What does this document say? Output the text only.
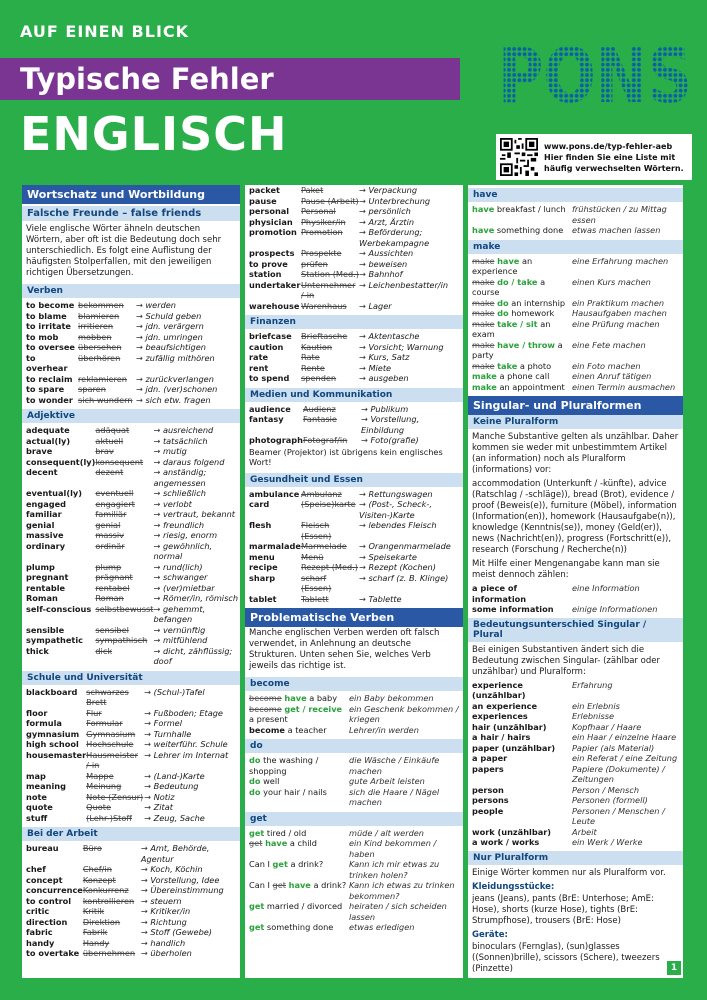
AUF EINEN BLICK
Typische Fehler
ENGLISCH	www.pons.de/typ-fehler-aeb
Hier finden Sie eine Liste mit
häufig verwechselten Wörtern.
Wortschatz und Wortbildung
Falsche Freunde – false friends
Viele englische Wörter ähneln deutschen Wörtern, aber oft ist die Bedeutung doch sehr unterschiedlich. Es folgt eine Auflistung der häufigsten Stolperfallen, mit den jeweiligen richtigen Übersetzungen.
Verben
to become	bekommen	→ werden
to blame	blamieren	→ Schuld geben
to irritate	irritieren	→ jdn. verärgern
to mob	mobben	→ jdn. umringen
to oversee	übersehen	→ beaufsichtigen
to overhear	überhören	→ zufällig mithören
to reclaim	reklamieren	→ zurückverlangen
to spare	sparen	→ jdn. (ver)schonen
to wonder	sich wundern	→ sich etw. fragen
Adjektive
adequate	adäquat	→ ausreichend
actual(ly)	aktuell	→ tatsächlich
brave	brav	→ mutig
consequent(ly)	konsequent	→ daraus folgend
decent	dezent	→ anständig; angemessen
eventual(ly)	eventuell	→ schließlich
engaged	engagiert	→ verlobt
familiar	familiär	→ vertraut, bekannt
genial	genial	→ freundlich
massive	massiv	→ riesig, enorm
ordinary	ordinär	→ gewöhnlich, normal
plump	plump	→ rund(lich)
pregnant	prägnant	→ schwanger
rentable	rentabel	→ (ver)mietbar
Roman	Roman	→ Römer/in, römisch
self-conscious	selbstbewusst	→ gehemmt, befangen
sensible	sensibel	→ vernünftig
sympathetic	sympathisch	→ mitfühlend
thick	dick	→ dicht, zähflüssig; doof
Schule und Universität
blackboard	schwarzes Brett	→ (Schul-)Tafel
floor	Flur	→ Fußboden; Etage
formula	Formular	→ Formel
gymnasium	Gymnasium	→ Turnhalle
high school	Hochschule	→ weiterführ. Schule
housemaster	Hausmeister /-in	→ Lehrer im Internat
map	Mappe	→ (Land-)Karte
meaning	Meinung	→ Bedeutung
note	Note (Zensur)	→ Notiz
quote	Quote	→ Zitat
stuff	(Lehr-)Stoff	→ Zeug, Sache
Bei der Arbeit
bureau	Büro	→ Amt, Behörde, Agentur
chef	Chef/in	→ Koch, Köchin
concept	Konzept	→ Vorstellung, Idee
concurrence	Konkurrenz	→ Übereinstimmung
to control	kontrollieren	→ steuern
critic	Kritik	→ Kritiker/in
direction	Direktion	→ Richtung
fabric	Fabrik	→ Stoff (Gewebe)
handy	Handy	→ handlich
to overtake	übernehmen	→ überholen
packet	Paket	→ Verpackung
pause	Pause (Arbeit)	→ Unterbrechung
personal	Personal	→ persönlich
physician	Physiker/in	→ Arzt, Ärztin
promotion	Promotion	→ Beförderung; Werbekampagne
prospects	Prospekte	→ Aussichten
to prove	prüfen	→ beweisen
station	Station (Med.)	→ Bahnhof
undertaker	Unternehmer /-in	→ Leichenbestatter/in
warehouse	Warenhaus	→ Lager
Finanzen
briefcase	Brieftasche	→ Aktentasche
caution	Kaution	→ Vorsicht; Warnung
rate	Rate	→ Kurs, Satz
rent	Rente	→ Miete
to spend	spenden	→ ausgeben
Medien und Kommunikation
audience	Audienz	→ Publikum
fantasy	Fantasie	→ Vorstellung, Einbildung
photograph	Fotograf/in	→ Foto(grafie)
Beamer (Projektor) ist übrigens kein englisches Wort!
Gesundheit und Essen
ambulance	Ambulanz	→ Rettungswagen
card	(Speise)karte	→ (Post-, Scheck-, Visiten-)Karte
flesh	Fleisch (Essen)	→ lebendes Fleisch
marmalade	Marmelade	→ Orangenmarmelade
menu	Menü	→ Speisekarte
recipe	Rezept (Med.)	→ Rezept (Kochen)
sharp	scharf (Essen)	→ scharf (z. B. Klinge)
tablet	Tablett	→ Tablette
Problematische Verben
Manche englischen Verben werden oft falsch verwendet, in Anlehnung an deutsche Strukturen. Unten sehen Sie, welches Verb jeweils das richtige ist.
become
become have a baby	ein Baby bekommen
become get / receive a present	ein Geschenk bekommen / kriegen
become a teacher	Lehrer/in werden
do
do the washing / shopping	die Wäsche / Einkäufe machen
do well	gute Arbeit leisten
do your hair / nails	sich die Haare / Nägel machen
get
get tired / old	müde / alt werden
get have a child	ein Kind bekommen / haben
Can I get a drink?	Kann ich mir etwas zu trinken holen?
Can I get have a drink?	Kann ich etwas zu trinken bekommen?
get married / divorced	heiraten / sich scheiden lassen
get something done	etwas erledigen
have
have breakfast / lunch	frühstücken / zu Mittag essen
have something done	etwas machen lassen
make
make have an experience	eine Erfahrung machen
make do / take a course	einen Kurs machen
make do an internship	ein Praktikum machen
make do homework	Hausaufgaben machen
make take / sit an exam	eine Prüfung machen
make have / throw a party	eine Fete machen
make take a photo	ein Foto machen
make a phone call	einen Anruf tätigen
make an appointment	einen Termin ausmachen
Singular- und Pluralformen
Keine Pluralform
Manche Substantive gelten als unzählbar. Daher kommen sie weder mit unbestimmtem Artikel (an information) noch als Pluralform (informations) vor:
accommodation (Unterkunft / -künfte), advice (Ratschlag / -schläge)), bread (Brot), evidence / proof (Beweis(e)), furniture (Möbel), information (Information(en)), homework (Hausaufgabe(n)), knowledge (Kenntnis(se)), money (Geld(er)), news (Nachricht(en)), progress (Fortschritt(e)), research (Forschung / Recherche(n))
Mit Hilfe einer Mengenangabe kann man sie meist dennoch zählen:
a piece of information	eine Information
some information	einige Informationen
Bedeutungsunterschied Singular / Plural
Bei einigen Substantiven ändert sich die Bedeutung zwischen Singular- (zählbar oder unzählbar) und Pluralform:
experience (unzählbar)	Erfahrung
an experience	ein Erlebnis
experiences	Erlebnisse
hair (unzählbar)	Kopfhaar / Haare
a hair / hairs	ein Haar / einzelne Haare
paper (unzählbar)	Papier (als Material)
a paper	ein Referat / eine Zeitung
papers	Papiere (Dokumente) / Zeitungen
person	Person / Mensch
persons	Personen (formell)
people	Personen / Menschen / Leute
work (unzählbar)	Arbeit
a work / works	ein Werk / Werke
Nur Pluralform
Einige Wörter kommen nur als Pluralform vor.
Kleidungsstücke:
jeans (Jeans), pants (BrE: Unterhose; AmE: Hose), shorts (kurze Hose), tights (BrE: Strumpfhose), trousers (BrE: Hose)
Geräte:
binoculars (Fernglas), (sun)glasses ((Sonnen)brille), scissors (Schere), tweezers (Pinzette)	1
